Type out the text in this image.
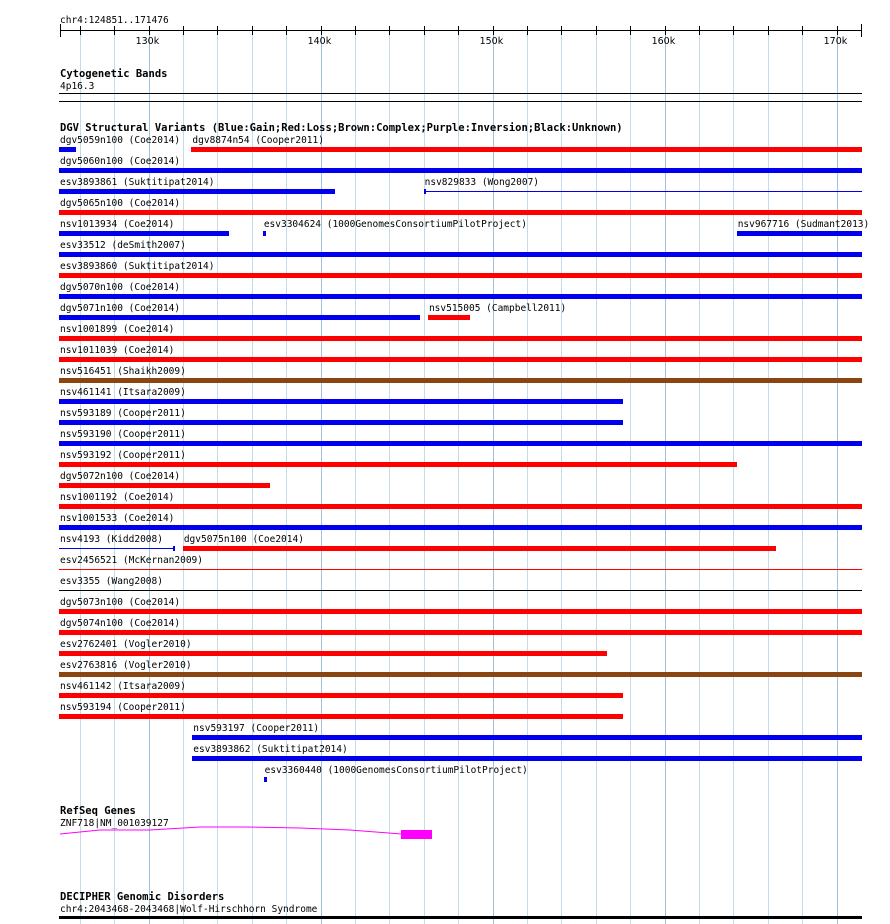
chr4:124851..171476
Cytogenetic Bands
4p16.3
DGV Structural Variants (Blue:Gain;Red:Loss;Brown:Complex;Purple:Inversion;Black:Unknown)
dgv5059n100 (Coe2014) dgv8874n54 (Cooper2011)
dgv5060n100 (Coe2014)
esv3893861 (Suktitipat2014)	nsv829833 (Wong2007)
dgv5065n100 (Coe2014)
nsv1013934 (Coe2014)	esv3304624 (1000GenomesConsortiumPilotProject)	nsv967716 (Sudmant2013)
esv33512 (deSmith2007)
esv3893860 (Suktitipat2014)
dgv5070n100 (Coe2014)
dgv5071n100 (Coe2014)	nsv515005 (Campbell2011)
nsv1001899 (Coe2014)
nsv1011039 (Coe2014)
nsv516451 (Shaikh2009)
nsv461141 (Itsara2009)
nsv593189 (Cooper2011)
nsv593190 (Cooper2011)
nsv593192 (Cooper2011)
dgv5072n100 (Coe2014)
nsv1001192 (Coe2014)
nsv1001533 (Coe2014)
nsv4193 (Kidd2008) dgv5075n100 (Coe2014)
esv2456521 (McKernan2009)
esv3355 (Wang2008)
dgv5073n100 (Coe2014)
dgv5074n100 (Coe2014)
esv2762401 (Vogler2010)
esv2763816 (Vogler2010)
nsv461142 (Itsara2009)
nsv593194 (Cooper2011)
nsv593197 (Cooper2011)
esv3893862 (Suktitipat2014)
esv3360440 (1000GenomesConsortiumPilotProject)
RefSeq Genes
ZNF718|NM_001039127
DECIPHER Genomic Disorders
chr4:2043468-2043468|Wolf-Hirschhorn Syndrome
130k	140k	150k	160k	170k
